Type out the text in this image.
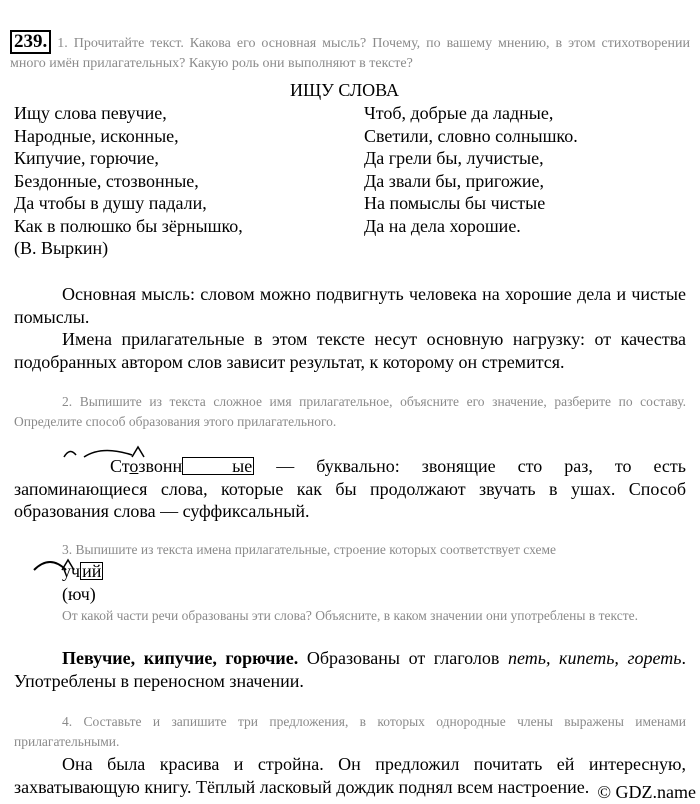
239. 1. Прочитайте текст. Какова его основная мысль? Почему, по вашему мнению, в этом стихотворении много имён прилагательных? Какую роль они выполняют в тексте?
ИЩУ СЛОВА
Ищу слова певучие,
Народные, исконные,
Кипучие, горючие,
Бездонные, стозвонные,
Да чтобы в душу падали,
Как в полюшко бы зёрнышко,
(В. Выркин)
Чтоб, добрые да ладные,
Светили, словно солнышко.
Да грели бы, лучистые,
Да звали бы, пригожие,
На помыслы бы чистые
Да на дела хорошие.
Основная мысль: словом можно подвигнуть человека на хорошие дела и чистые помыслы.
Имена прилагательные в этом тексте несут основную нагрузку: от качества подобранных автором слов зависит результат, к которому он стремится.
2. Выпишите из текста сложное имя прилагательное, объясните его значение, разберите по составу. Определите способ образования этого прилагательного.
Стозвонн	ые
— буквально: звонящие сто раз, то есть запоминающиеся слова, которые как бы продолжают звучать в ушах. Способ образования слова — суффиксальный.
3. Выпишите из текста имена прилагательные, строение которых соответствует схеме
уч ий
(юч)
От какой части речи образованы эти слова? Объясните, в каком значении они употреблены в тексте.
Певучие, кипучие, горючие. Образованы от глаголов петь, кипеть, гореть. Употреблены в переносном значении.
4. Составьте и запишите три предложения, в которых однородные члены выражены именами прилагательными.
Она была красива и стройна. Он предложил почитать ей интересную, захватывающую книгу. Тёплый ласковый дождик поднял всем настроение. © GDZ.name
